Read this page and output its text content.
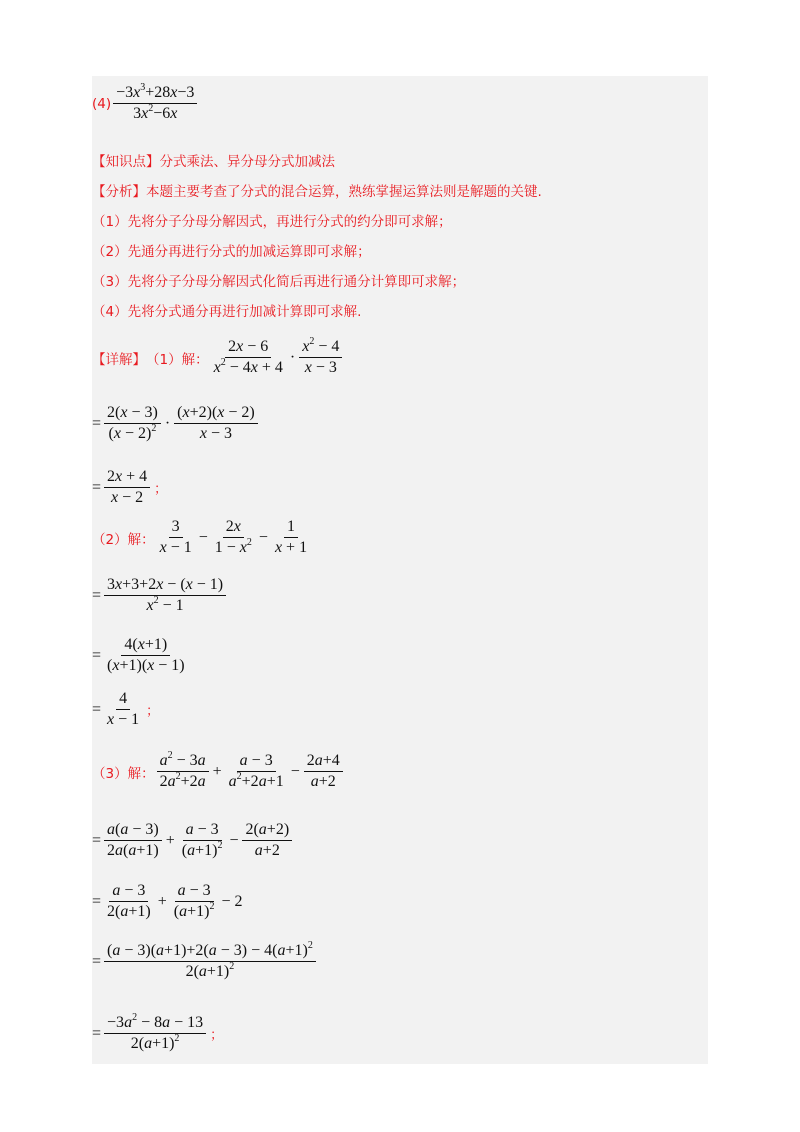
$(4) \frac{-3x^3+28x-3}{3x^2-6x}$
【知识点】分式乘法、异分母分式加减法
【分析】本题主要考查了分式的混合运算，熟练掌握运算法则是解题的关键.
（1）先将分子分母分解因式，再进行分式的约分即可求解；
（2）先通分再进行分式的加减运算即可求解；
（3）先将分子分母分解因式化简后再进行通分计算即可求解；
（4）先将分式通分再进行加减计算即可求解.
【详解】 （1）解： $\frac{2x - 6}{x^2 - 4x + 4} \cdot \frac{x^2 - 4}{x - 3}$
= $\frac{2(x - 3)}{(x - 2)^2} \cdot \frac{(x+2)(x - 2)}{x - 3}$
= $\frac{2x + 4}{x - 2}$ ；
（2）解： $\frac{3}{x - 1} - \frac{2x}{1 - x^2} - \frac{1}{x + 1}$
= $\frac{3x+3+2x - (x - 1)}{x^2 - 1}$
= $\frac{4(x+1)}{(x+1)(x - 1)}$
= $\frac{4}{x - 1}$ ；
（3）解： $\frac{a^2 - 3a}{2a^2+2a} + \frac{a - 3}{a^2+2a+1} - \frac{2a+4}{a+2}$
= $\frac{a(a - 3)}{2a(a+1)} + \frac{a - 3}{(a+1)^2} - \frac{2(a+2)}{a+2}$
= $\frac{a - 3}{2(a+1)} + \frac{a - 3}{(a+1)^2} - 2$
= $\frac{(a - 3)(a+1)+2(a - 3) - 4(a+1)^2}{2(a+1)^2}$
= $\frac{-3a^2 - 8a - 13}{2(a+1)^2}$ ；
